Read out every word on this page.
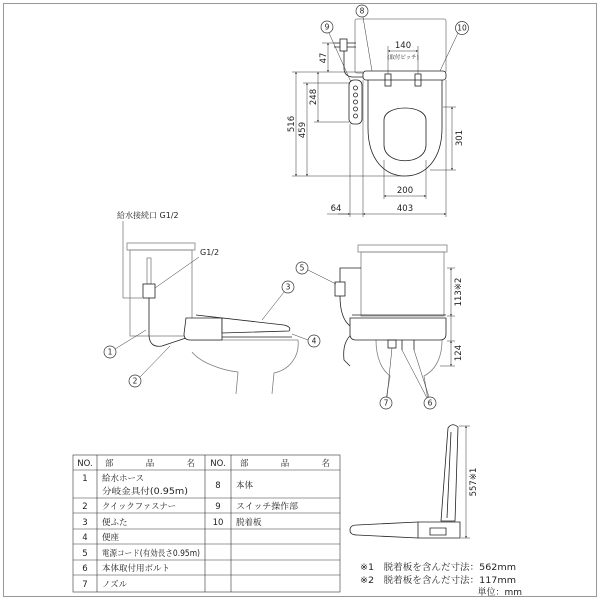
140
(取付ピッチ)
47
248
459
516
301
200
403
64
8
9	10
給水接続口 G1/2
G1/2
1
2
3
4
113※2
124
5
7	6
557※1
NO. 部　品　名 NO. 部　品　名
1 給水ホース
分岐金具付(0.95m)
2 クイックファスナー
3 便ふた
4 便座
5 電源コード(有効長さ0.95m)
6 本体取付用ボルト
7 ノズル
8 本体
9 スイッチ操作部
10 脱着板
※1　脱着板を含んだ寸法：562mm
※2　脱着板を含んだ寸法：117mm
単位：mm
